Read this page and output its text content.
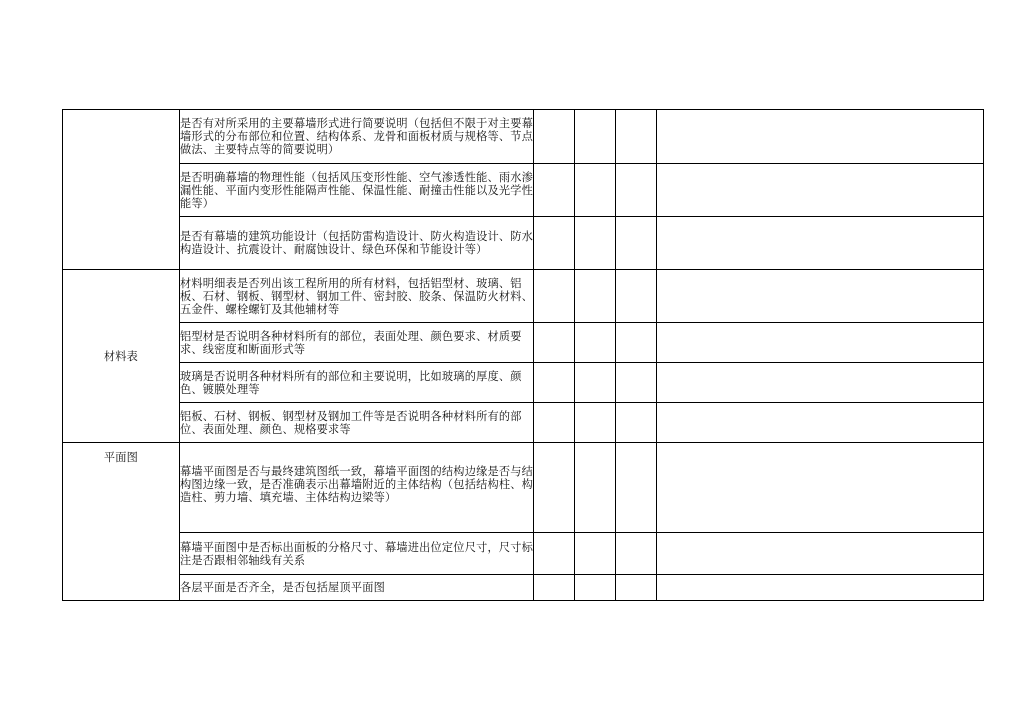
	是否有对所采用的主要幕墙形式进行简要说明（包括但不限于对主要幕墙形式的分布部位和位置、结构体系、龙骨和面板材质与规格等、节点做法、主要特点等的简要说明）				
	是否明确幕墙的物理性能（包括风压变形性能、空气渗透性能、雨水渗漏性能、平面内变形性能隔声性能、保温性能、耐撞击性能以及光学性能等）				
	是否有幕墙的建筑功能设计（包括防雷构造设计、防火构造设计、防水构造设计、抗震设计、耐腐蚀设计、绿色环保和节能设计等）				
材料表	材料明细表是否列出该工程所用的所有材料，包括铝型材、玻璃、铝板、石材、钢板、钢型材、钢加工件、密封胶、胶条、保温防火材料、五金件、螺栓螺钉及其他辅材等				
	铝型材是否说明各种材料所有的部位，表面处理、颜色要求、材质要求、线密度和断面形式等				
	玻璃是否说明各种材料所有的部位和主要说明，比如玻璃的厚度、颜色、镀膜处理等				
	铝板、石材、钢板、钢型材及钢加工件等是否说明各种材料所有的部位、表面处理、颜色、规格要求等				
平面图	幕墙平面图是否与最终建筑图纸一致，幕墙平面图的结构边缘是否与结构图边缘一致，是否准确表示出幕墙附近的主体结构（包括结构柱、构造柱、剪力墙、填充墙、主体结构边梁等）				
	幕墙平面图中是否标出面板的分格尺寸、幕墙进出位定位尺寸，尺寸标注是否跟相邻轴线有关系				
	各层平面是否齐全，是否包括屋顶平面图				
